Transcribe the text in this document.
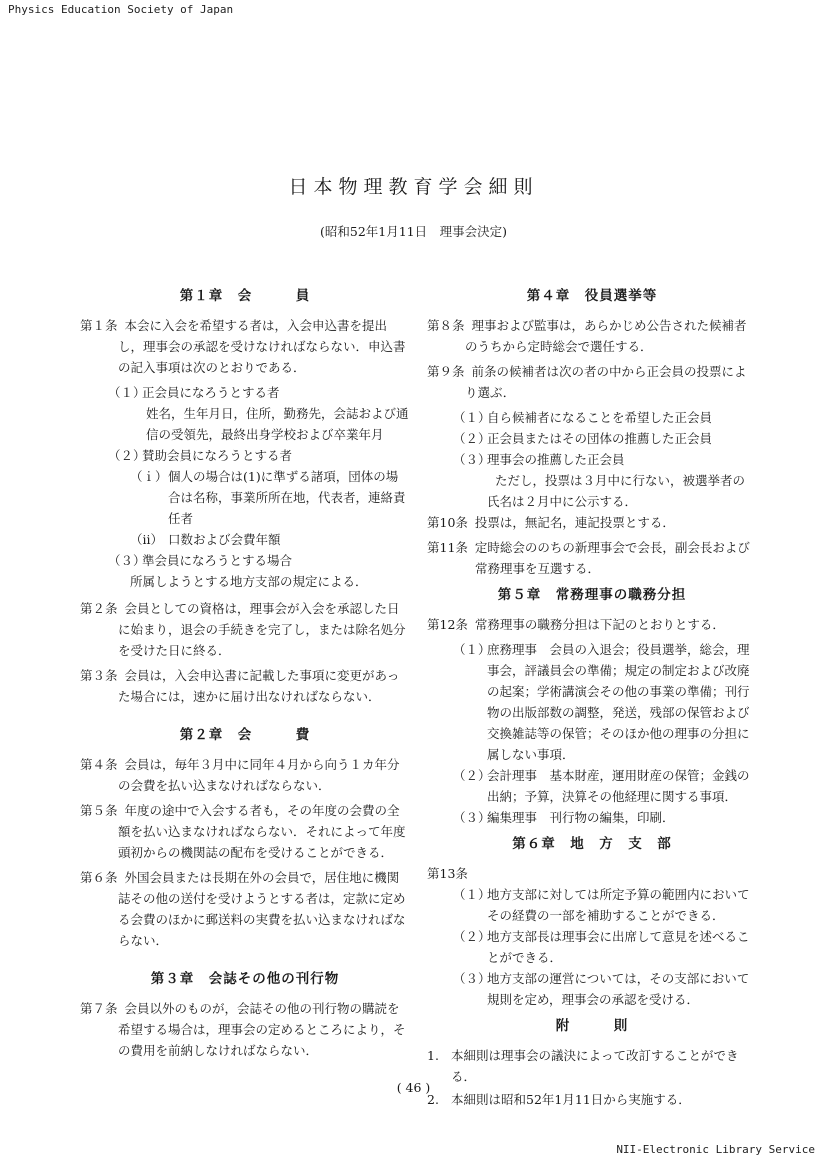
Physics Education Society of Japan
日本物理教育学会細則
(昭和52年1月11日　理事会決定)
第１章　会　　　員

第１条 本会に入会を希望する者は，入会申込書を提出し，理事会の承認を受けなければならない．申込書の記入事項は次のとおりである．

（１）正会員になろうとする者

姓名，生年月日，住所，勤務先，会誌および通信の受領先，最終出身学校および卒業年月

（２）賛助会員になろうとする者

（ｉ）個人の場合は(1)に準ずる諸項，団体の場合は名称，事業所所在地，代表者，連絡責任者

（ii） 口数および会費年額

（３）準会員になろうとする場合

所属しようとする地方支部の規定による．

第２条 会員としての資格は，理事会が入会を承認した日に始まり，退会の手続きを完了し，または除名処分を受けた日に終る．

第３条 会員は，入会申込書に記載した事項に変更があった場合には，速かに届け出なければならない．

第２章　会　　　費

第４条 会員は，毎年３月中に同年４月から向う１カ年分の会費を払い込まなければならない．

第５条 年度の途中で入会する者も，その年度の会費の全額を払い込まなければならない．それによって年度頭初からの機関誌の配布を受けることができる．

第６条 外国会員または長期在外の会員で，居住地に機関誌その他の送付を受けようとする者は，定款に定める会費のほかに郵送料の実費を払い込まなければならない．

第３章　会誌その他の刊行物

第７条 会員以外のものが，会誌その他の刊行物の購読を希望する場合は，理事会の定めるところにより，その費用を前納しなければならない．

第４章　役員選挙等

第８条 理事および監事は，あらかじめ公告された候補者のうちから定時総会で選任する．

第９条 前条の候補者は次の者の中から正会員の投票により選ぶ．

（１）自ら候補者になることを希望した正会員

（２）正会員またはその団体の推薦した正会員

（３）理事会の推薦した正会員

ただし，投票は３月中に行ない，被選挙者の氏名は２月中に公示する．

第10条 投票は，無記名，連記投票とする．

第11条 定時総会ののちの新理事会で会長，副会長および常務理事を互選する．

第５章　常務理事の職務分担

第12条 常務理事の職務分担は下記のとおりとする．

（１）庶務理事　会員の入退会；役員選挙，総会，理事会，評議員会の準備；規定の制定および改廃の起案；学術講演会その他の事業の準備；刊行物の出版部数の調整，発送，残部の保管および交換雑誌等の保管；そのほか他の理事の分担に属しない事項．

（２）会計理事　基本財産，運用財産の保管；金銭の出納；予算，決算その他経理に関する事項．

（３）編集理事　刊行物の編集，印刷．

第６章　地　方　支　部

第13条

（１）地方支部に対しては所定予算の範囲内においてその経費の一部を補助することができる．

（２）地方支部長は理事会に出席して意見を述べることができる．

（３）地方支部の運営については，その支部において規則を定め，理事会の承認を受ける．

附　　　則

1. 本細則は理事会の議決によって改訂することができる．

2. 本細則は昭和52年1月11日から実施する．

( 46 )
NII-Electronic Library Service
